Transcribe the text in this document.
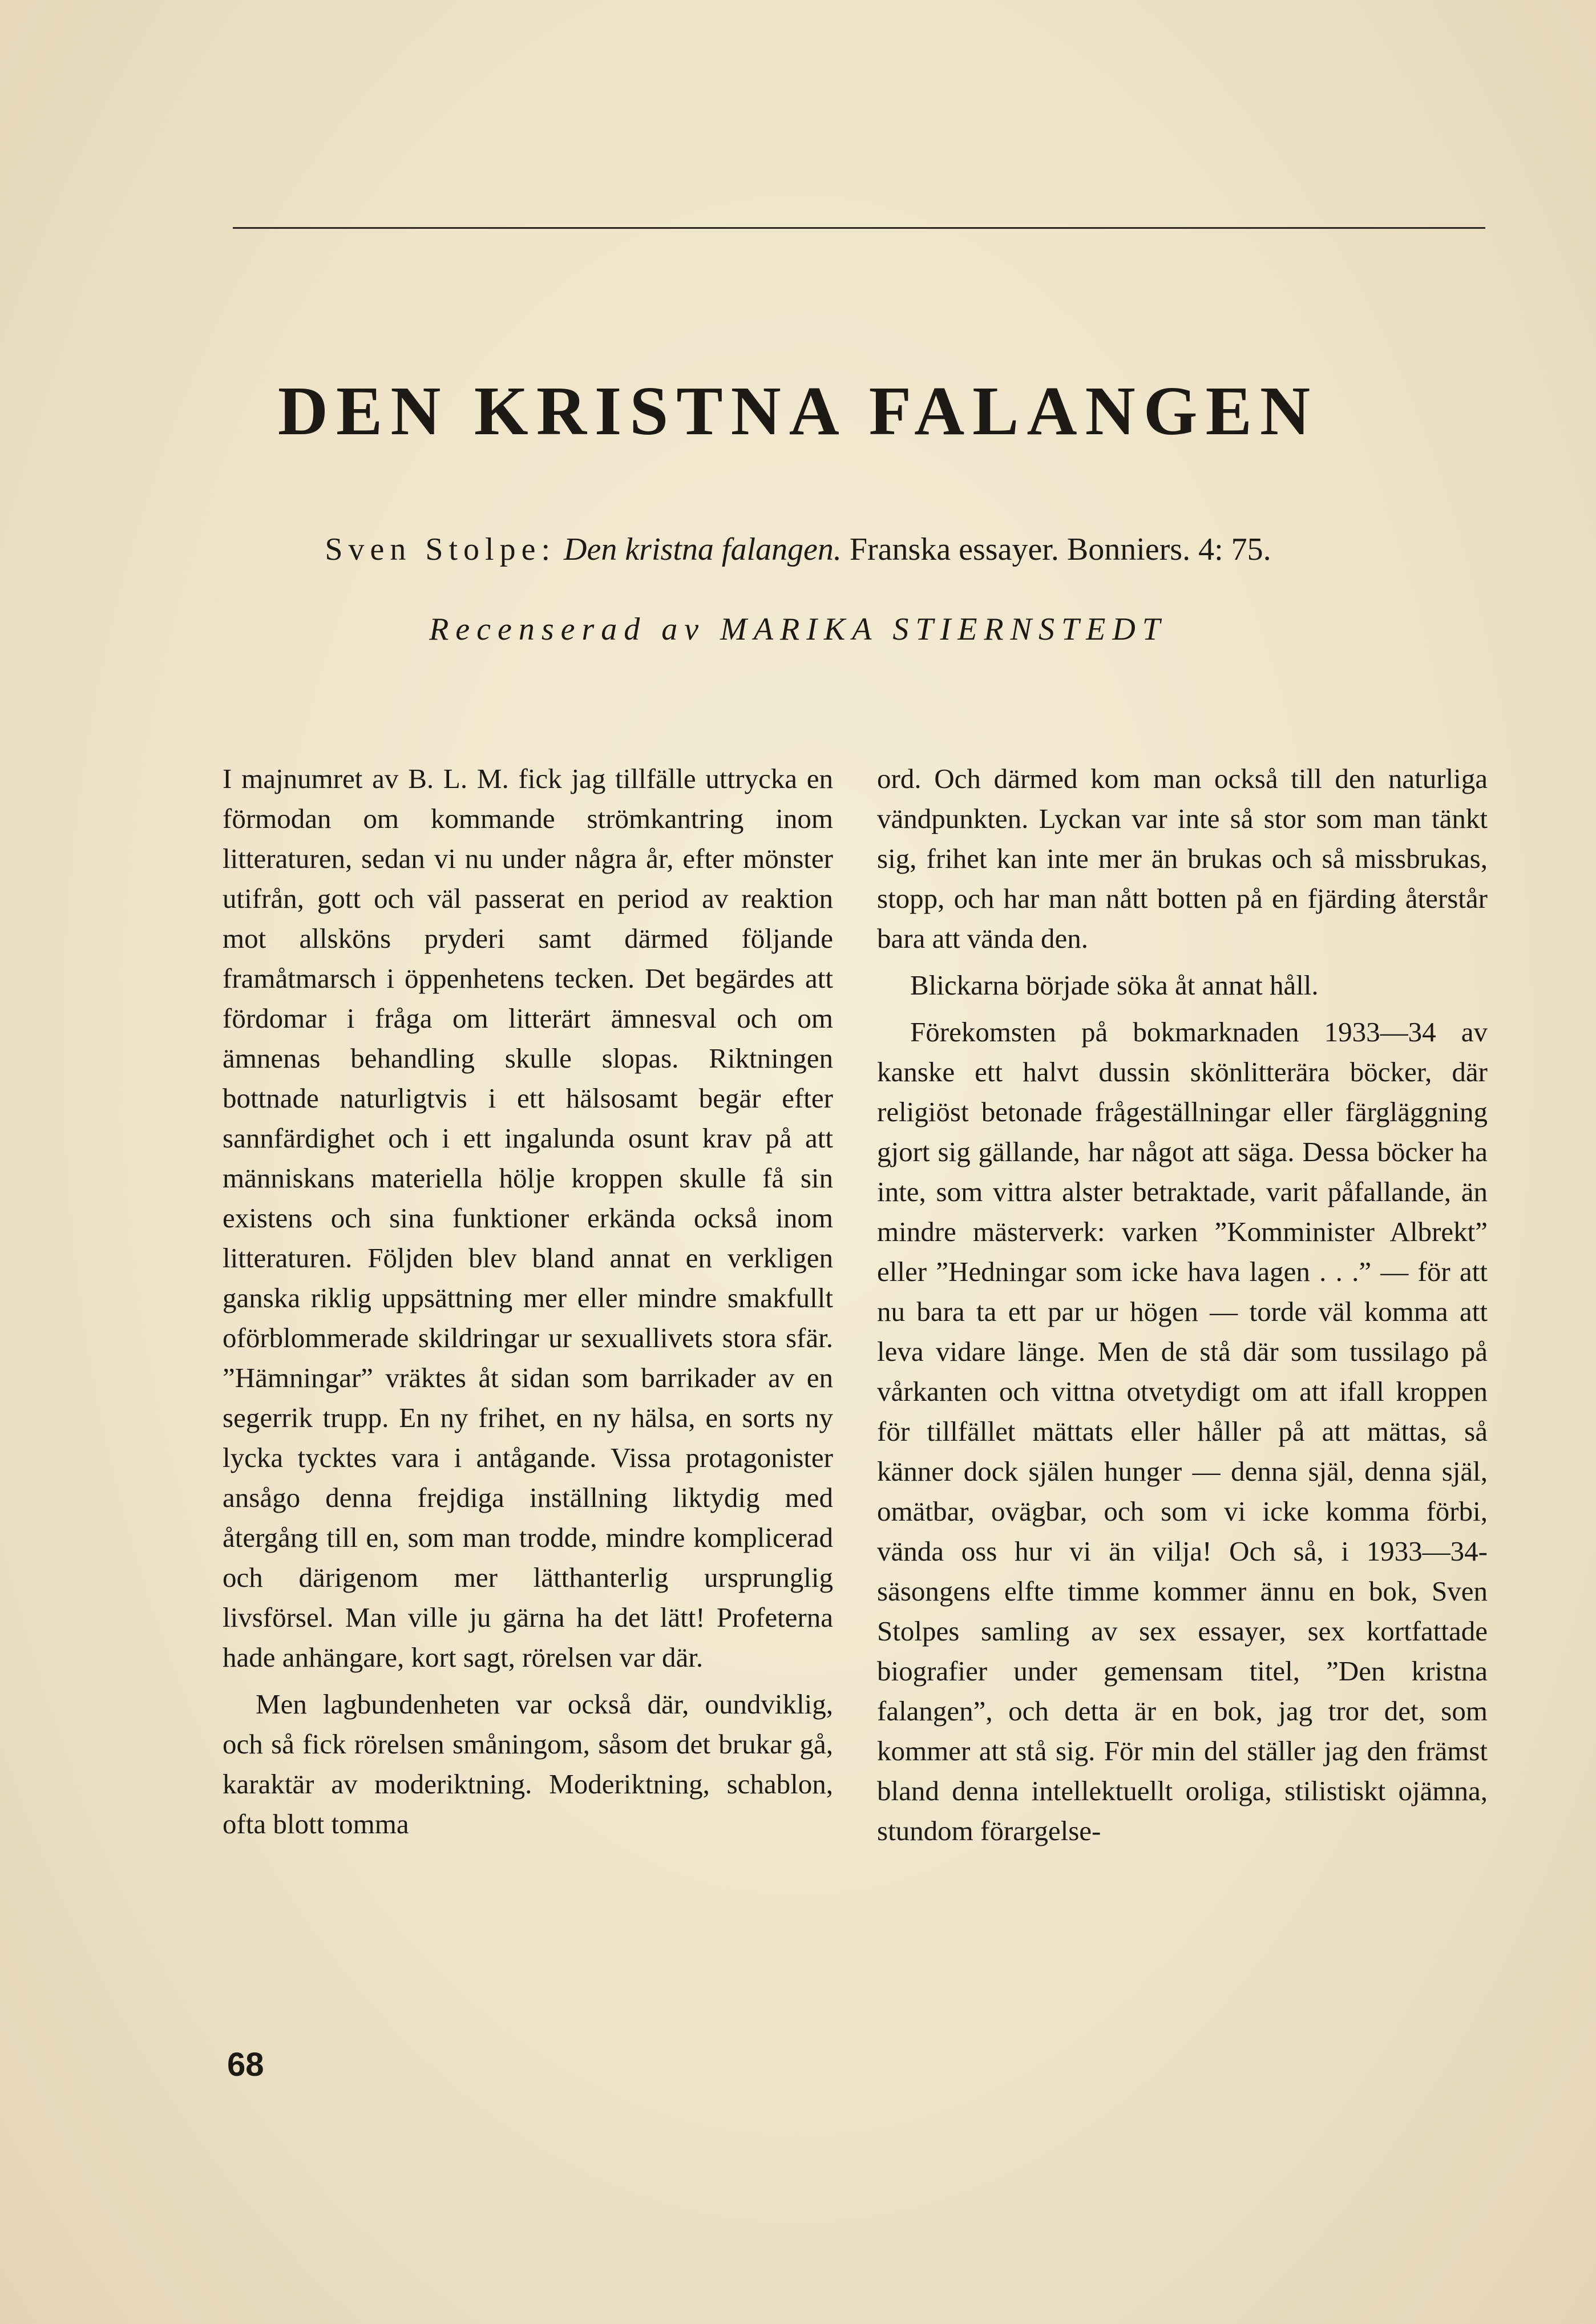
DEN KRISTNA FALANGEN
Sven Stolpe: Den kristna falangen. Franska essayer. Bonniers. 4: 75.
Recenserad av MARIKA STIERNSTEDT

I majnumret av B. L. M. fick jag tillfälle uttrycka en förmodan om kommande strömkantring inom litteraturen, sedan vi nu under några år, efter mönster utifrån, gott och väl passerat en period av reaktion mot allsköns pryderi samt därmed följande framåtmarsch i öppenhetens tecken. Det begärdes att fördomar i fråga om litterärt ämnesval och om ämnenas behandling skulle slopas. Riktningen bottnade naturligtvis i ett hälsosamt begär efter sannfärdighet och i ett ingalunda osunt krav på att människans materiella hölje kroppen skulle få sin existens och sina funktioner erkända också inom litteraturen. Följden blev bland annat en verkligen ganska riklig uppsättning mer eller mindre smakfullt oförblommerade skildringar ur sexuallivets stora sfär. ”Hämningar” vräktes åt sidan som barrikader av en segerrik trupp. En ny frihet, en ny hälsa, en sorts ny lycka tycktes vara i antågande. Vissa protagonister ansågo denna frejdiga inställning liktydig med återgång till en, som man trodde, mindre komplicerad och därigenom mer lätthanterlig ursprunglig livsförsel. Man ville ju gärna ha det lätt! Profeterna hade anhängare, kort sagt, rörelsen var där.

Men lagbundenheten var också där, oundviklig, och så fick rörelsen småningom, såsom det brukar gå, karaktär av moderiktning. Moderiktning, schablon, ofta blott tomma

ord. Och därmed kom man också till den naturliga vändpunkten. Lyckan var inte så stor som man tänkt sig, frihet kan inte mer än brukas och så missbrukas, stopp, och har man nått botten på en fjärding återstår bara att vända den.

Blickarna började söka åt annat håll.

Förekomsten på bokmarknaden 1933—34 av kanske ett halvt dussin skönlitterära böcker, där religiöst betonade frågeställningar eller färgläggning gjort sig gällande, har något att säga. Dessa böcker ha inte, som vittra alster betraktade, varit påfallande, än mindre mästerverk: varken ”Komminister Albrekt” eller ”Hedningar som icke hava lagen . . .” — för att nu bara ta ett par ur högen — torde väl komma att leva vidare länge. Men de stå där som tussilago på vårkanten och vittna otvetydigt om att ifall kroppen för tillfället mättats eller håller på att mättas, så känner dock själen hunger — denna själ, denna själ, omätbar, ovägbar, och som vi icke komma förbi, vända oss hur vi än vilja! Och så, i 1933—34-säsongens elfte timme kommer ännu en bok, Sven Stolpes samling av sex essayer, sex kortfattade biografier under gemensam titel, ”Den kristna falangen”, och detta är en bok, jag tror det, som kommer att stå sig. För min del ställer jag den främst bland denna intellektuellt oroliga, stilistiskt ojämna, stundom förargelse-

68
